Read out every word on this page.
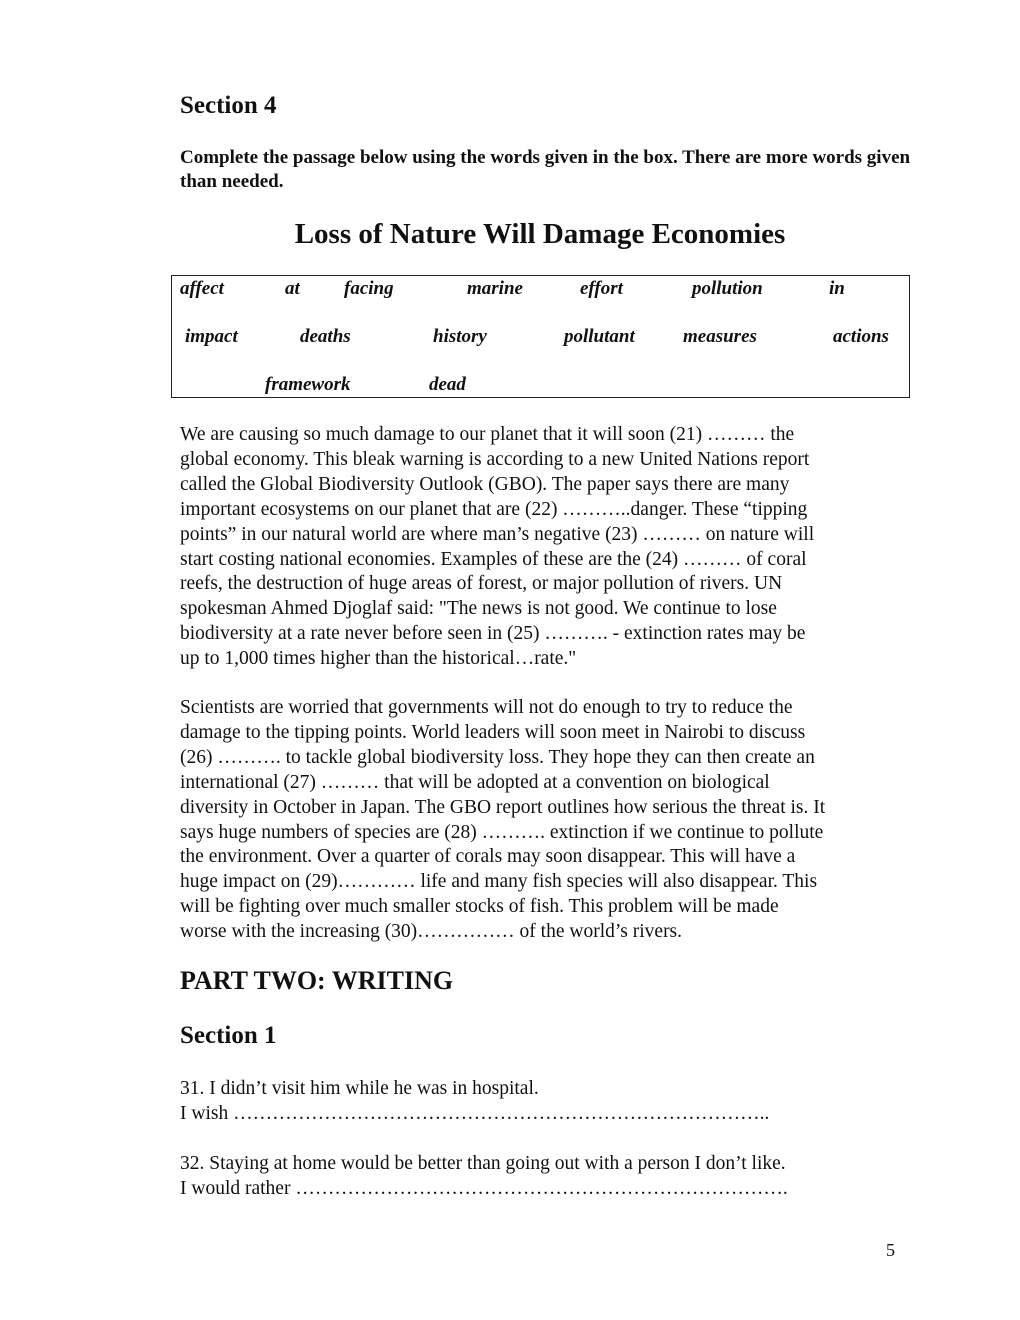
Section 4
Complete the passage below using the words given in the box. There are more words given than needed.
Loss of Nature Will Damage Economies
affect	at facing	marine	effort	pollution	in
impact	deaths	history	pollutant	measures	actions
framework	dead
We are causing so much damage to our planet that it will soon (21) ……… the
global economy. This bleak warning is according to a new United Nations report
called the Global Biodiversity Outlook (GBO). The paper says there are many
important ecosystems on our planet that are (22) ………..danger. These “tipping
points” in our natural world are where man’s negative (23) ……… on nature will
start costing national economies. Examples of these are the (24) ……… of coral
reefs, the destruction of huge areas of forest, or major pollution of rivers. UN
spokesman Ahmed Djoglaf said: "The news is not good. We continue to lose
biodiversity at a rate never before seen in (25) ………. - extinction rates may be
up to 1,000 times higher than the historical…rate."
Scientists are worried that governments will not do enough to try to reduce the
damage to the tipping points. World leaders will soon meet in Nairobi to discuss
(26) ………. to tackle global biodiversity loss. They hope they can then create an
international (27) ……… that will be adopted at a convention on biological
diversity in October in Japan. The GBO report outlines how serious the threat is. It
says huge numbers of species are (28) ………. extinction if we continue to pollute
the environment. Over a quarter of corals may soon disappear. This will have a
huge impact on (29)………… life and many fish species will also disappear. This
will be fighting over much smaller stocks of fish. This problem will be made
worse with the increasing (30)…………… of the world’s rivers.
PART TWO: WRITING
Section 1
31. I didn’t visit him while he was in hospital.
I wish ………………………………………………………………………..
32. Staying at home would be better than going out with a person I don’t like.
I would rather ………………………………………………………………….
5
